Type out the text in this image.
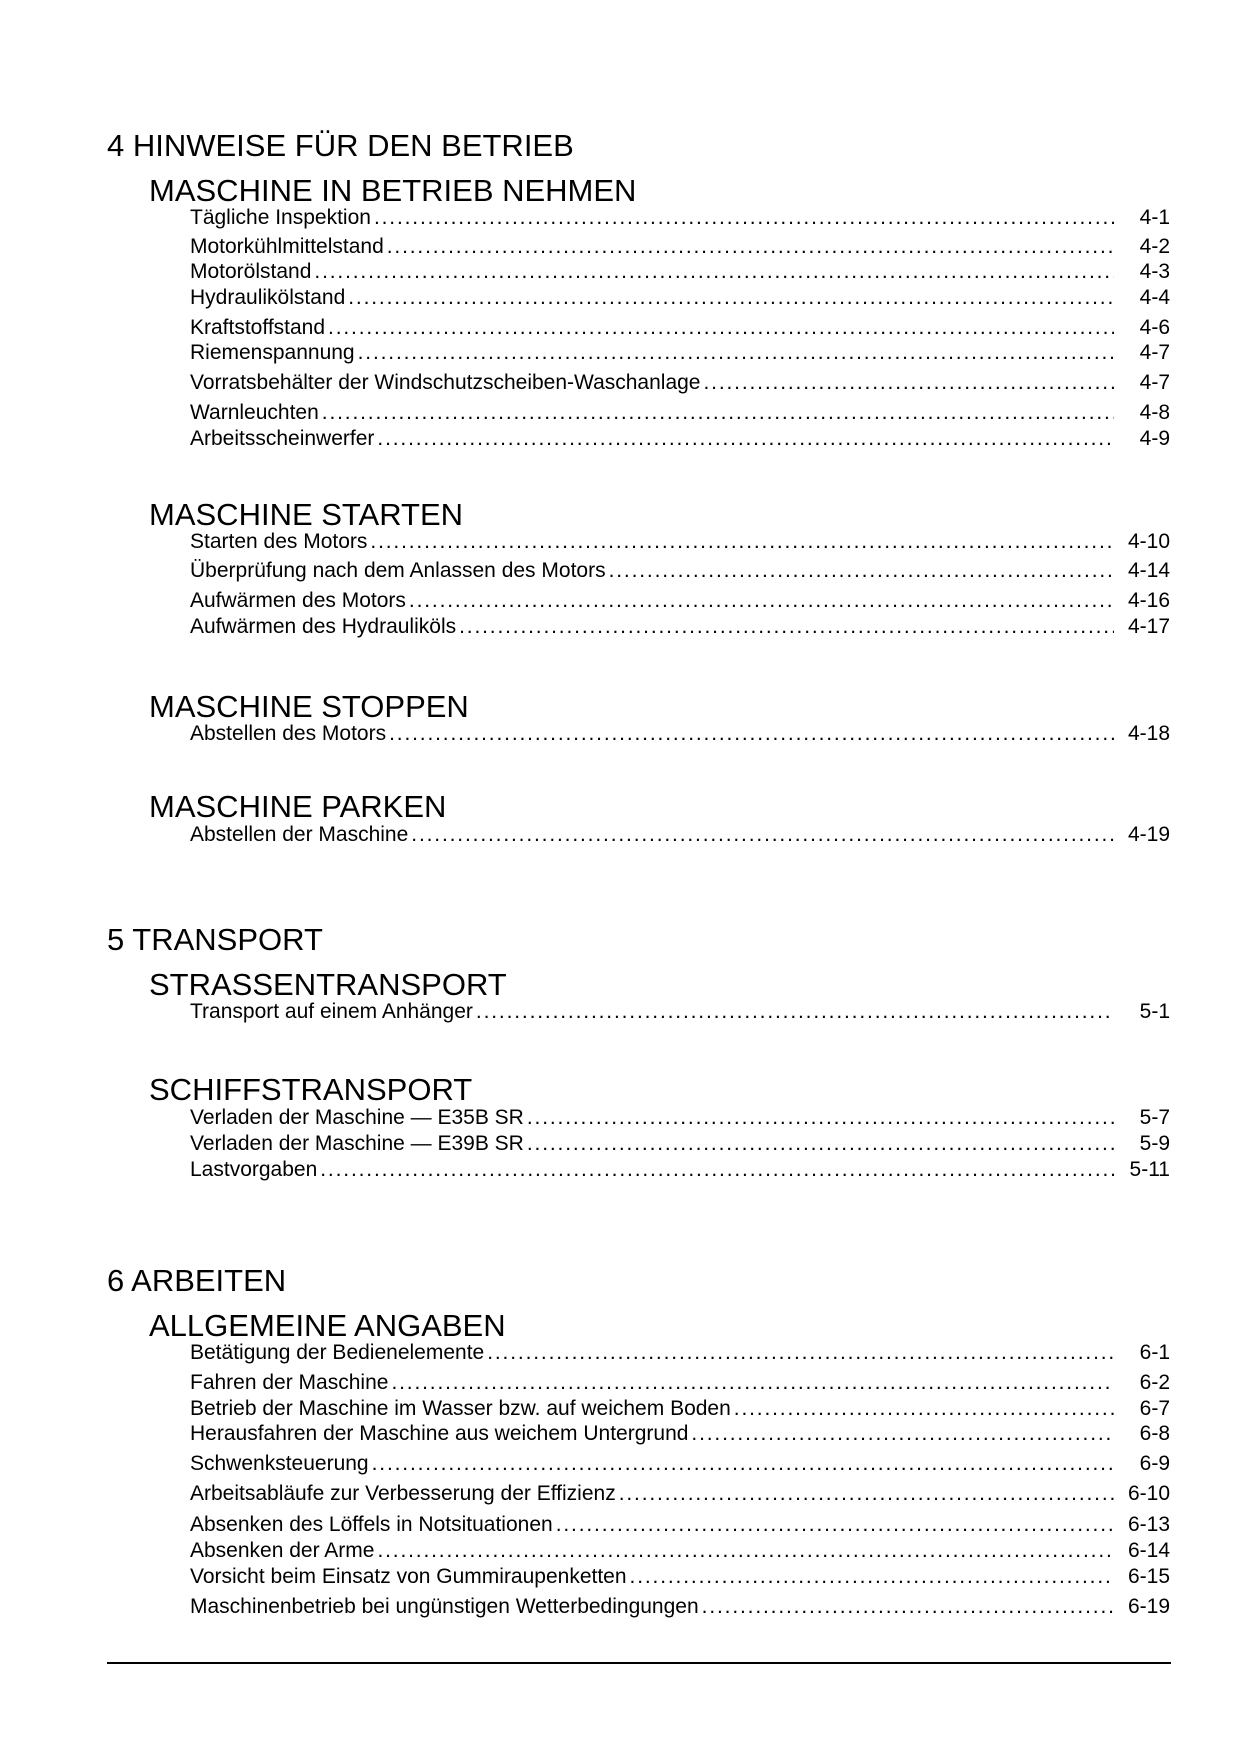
4 HINWEISE FÜR DEN BETRIEB
MASCHINE IN BETRIEB NEHMEN
Tägliche Inspektion . . .	4-1
Motorkühlmittelstand . . .	4-2
Motorölstand . . .	4-3
Hydraulikölstand . . .	4-4
Kraftstoffstand . . .	4-6
Riemenspannung . . .	4-7
Vorratsbehälter der Windschutzscheiben-Waschanlage . . .	4-7
Warnleuchten . . .	4-8
Arbeitsscheinwerfer . . .	4-9
MASCHINE STARTEN
Starten des Motors . . .	4-10
Überprüfung nach dem Anlassen des Motors . . .	4-14
Aufwärmen des Motors . . .	4-16
Aufwärmen des Hydrauliköls . . .	4-17
MASCHINE STOPPEN
Abstellen des Motors . . .	4-18
MASCHINE PARKEN
Abstellen der Maschine . . .	4-19
5 TRANSPORT
STRASSENTRANSPORT
Transport auf einem Anhänger . . .	5-1
SCHIFFSTRANSPORT
Verladen der Maschine — E35B SR . . .	5-7
Verladen der Maschine — E39B SR . . .	5-9
Lastvorgaben . . .	5-11
6 ARBEITEN
ALLGEMEINE ANGABEN
Betätigung der Bedienelemente . . .	6-1
Fahren der Maschine . . .	6-2
Betrieb der Maschine im Wasser bzw. auf weichem Boden . . .	6-7
Herausfahren der Maschine aus weichem Untergrund . . .	6-8
Schwenksteuerung . . .	6-9
Arbeitsabläufe zur Verbesserung der Effizienz . . .	6-10
Absenken des Löffels in Notsituationen . . .	6-13
Absenken der Arme . . .	6-14
Vorsicht beim Einsatz von Gummiraupenketten . . .	6-15
Maschinenbetrieb bei ungünstigen Wetterbedingungen . . .	6-19
